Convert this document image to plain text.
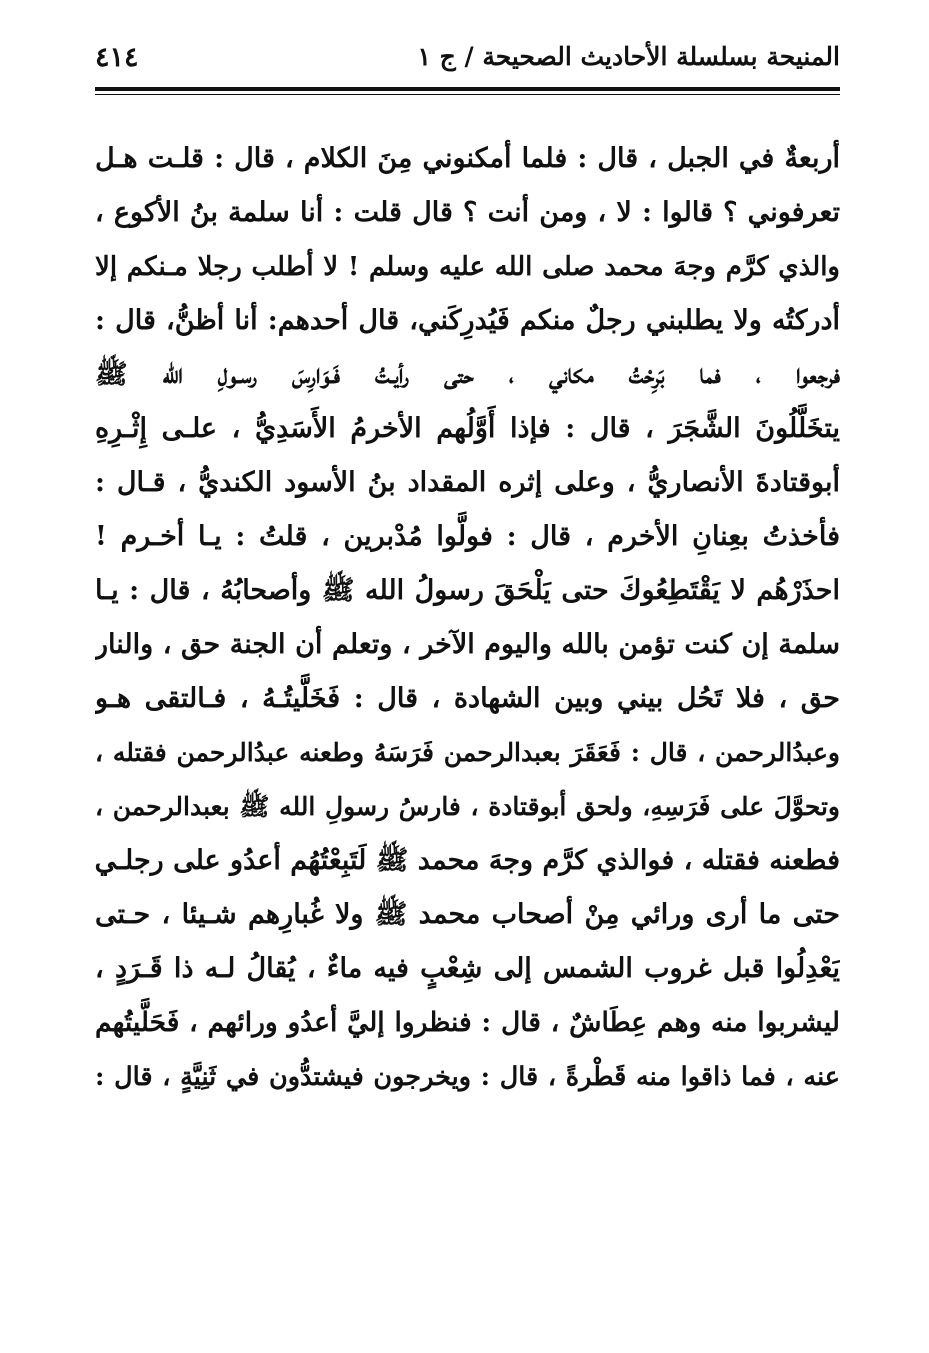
٤١٤	المنيحة بسلسلة الأحاديث الصحيحة / ج ١
أربعةٌ في الجبل ، قال : فلما أمكنوني مِنَ الكلام ، قال : قلـت هـل
تعرفوني ؟ قالوا : لا ، ومن أنت ؟ قال قلت : أنا سلمة بنُ الأكوع ،
والذي كرَّم وجهَ محمد صلى الله عليه وسلم ! لا أطلب رجلا مـنكم إلا
أدركتُه ولا يطلبني رجلٌ منكم فَيُدرِكَني، قال أحدهم: أنا أظنُّ، قال :
فرجعوا ، فما بَرِحْتُ مكاني ، حتى رأيـتُ فَـوَارِسَ رسـولِ الله ﷺ
يتخَلَّلُونَ الشَّجَرَ ، قال : فإذا أَوَّلُهم الأخرمُ الأَسَدِيُّ ، علـى إِثْـرِهِ
أبوقتادةَ الأنصاريُّ ، وعلى إثره المقداد بنُ الأسود الكنديُّ ، قـال :
فأخذتُ بعِنانِ الأخرم ، قال : فولَّوا مُدْبرين ، قلتُ : يـا أخـرم !
احذَرْهُم لا يَقْتَطِعُوكَ حتى يَلْحَقَ رسولُ الله ﷺ وأصحابُهُ ، قال : يـا
سلمة إن كنت تؤمن بالله واليوم الآخر ، وتعلم أن الجنة حق ، والنار
حق ، فلا تَحُل بيني وبين الشهادة ، قال : فَخَلَّيتُـهُ ، فـالتقى هـو
وعبدُالرحمن ، قال : فَعَقَرَ بعبدالرحمن فَرَسَهُ وطعنه عبدُالرحمن فقتله ،
وتحوَّلَ على فَرَسِهِ، ولحق أبوقتادة ، فارسُ رسولِ الله ﷺ بعبدالرحمن ،
فطعنه فقتله ، فوالذي كرَّم وجهَ محمد ﷺ لَتَبِعْتُهُم أعدُو على رجلـي
حتى ما أرى ورائي مِنْ أصحاب محمد ﷺ ولا غُبارِهم شـيئا ، حـتى
يَعْدِلُوا قبل غروب الشمس إلى شِعْبٍ فيه ماءٌ ، يُقالُ لـه ذا قَـرَدٍ ،
ليشربوا منه وهم عِطَاشٌ ، قال : فنظروا إليَّ أعدُو ورائهم ، فَحَلَّيتُهم
عنه ، فما ذاقوا منه قَطْرةً ، قال : ويخرجون فيشتدُّون في ثَنِيَّةٍ ، قال :
